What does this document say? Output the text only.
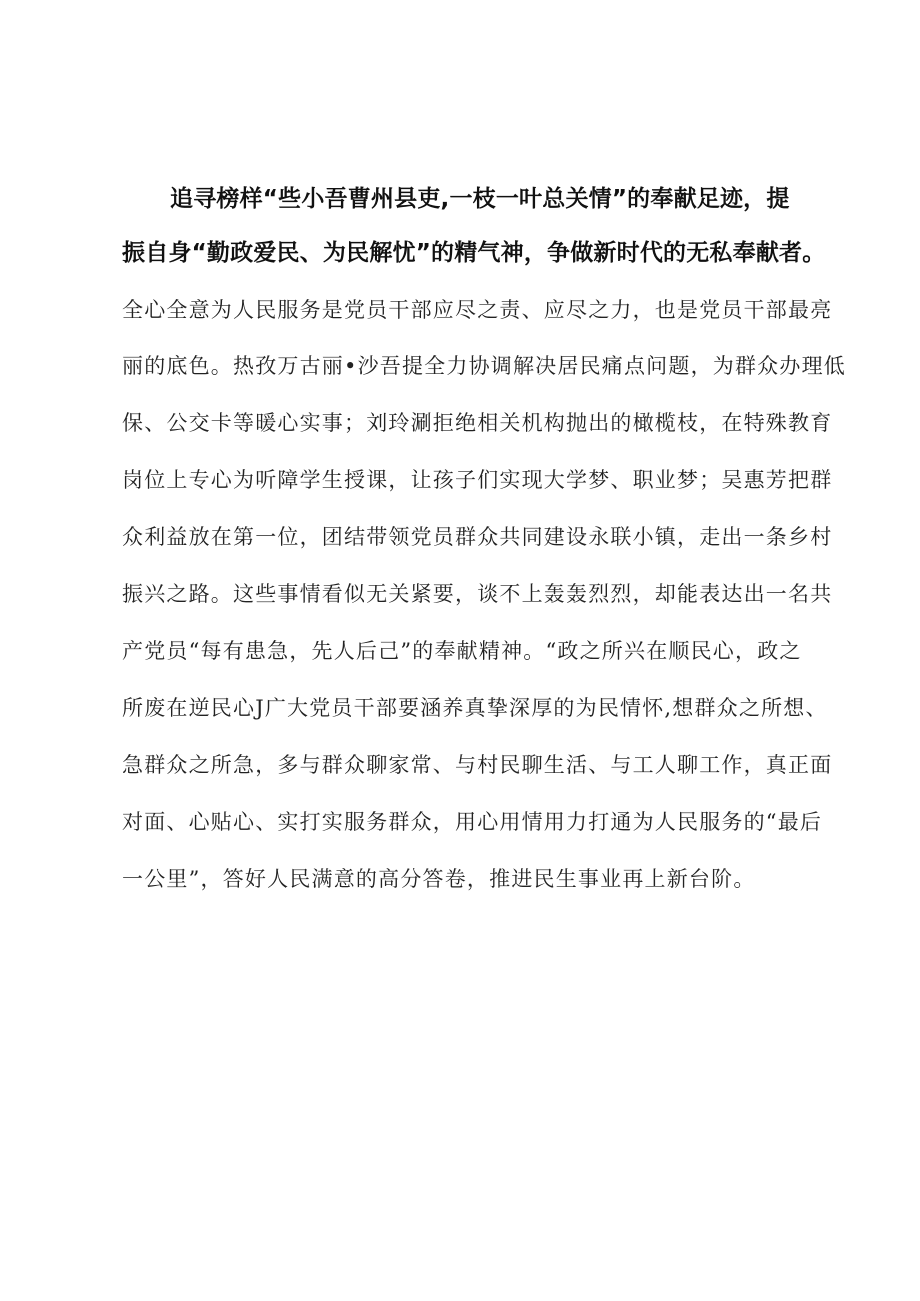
追寻榜样“些小吾曹州县吏,一枝一叶总关情”的奉献足迹，提
振自身“勤政爱民、为民解忧”的精气神，争做新时代的无私奉献者。
全心全意为人民服务是党员干部应尽之责、应尽之力，也是党员干部最亮
丽的底色。热孜万古丽•沙吾提全力协调解决居民痛点问题，为群众办理低
保、公交卡等暖心实事；刘玲涮拒绝相关机构抛出的橄榄枝，在特殊教育
岗位上专心为听障学生授课，让孩子们实现大学梦、职业梦；吴惠芳把群
众利益放在第一位，团结带领党员群众共同建设永联小镇，走出一条乡村
振兴之路。这些事情看似无关紧要，谈不上轰轰烈烈，却能表达出一名共
产党员“每有患急，先人后己”的奉献精神。“政之所兴在顺民心，政之
所废在逆民心J广大党员干部要涵养真挚深厚的为民情怀,想群众之所想、
急群众之所急，多与群众聊家常、与村民聊生活、与工人聊工作，真正面
对面、心贴心、实打实服务群众，用心用情用力打通为人民服务的“最后
一公里”，答好人民满意的高分答卷，推进民生事业再上新台阶。
